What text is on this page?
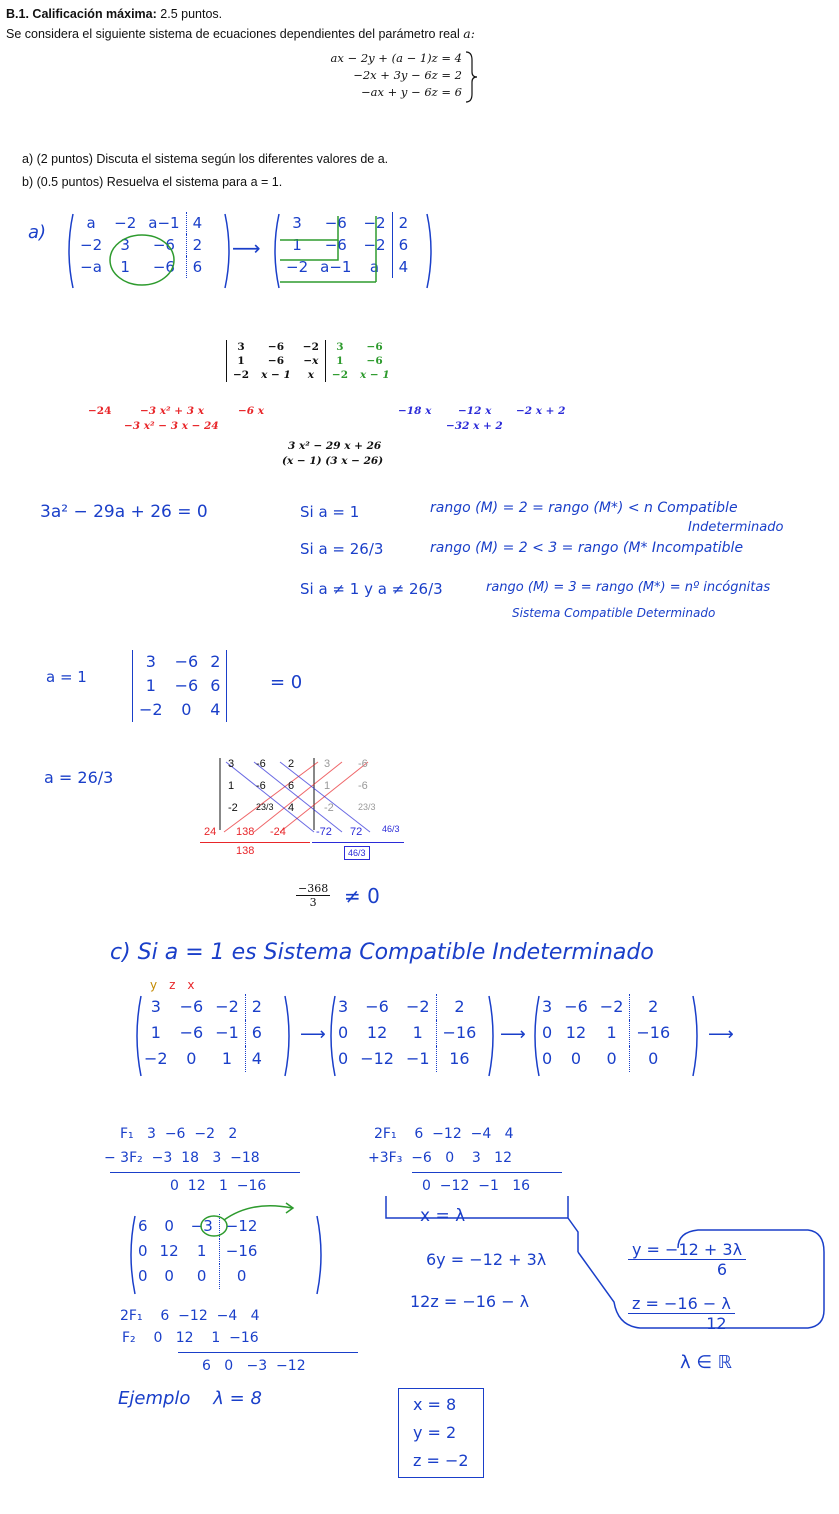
B.1. Calificación máxima: 2.5 puntos.
Se considera el siguiente sistema de ecuaciones dependientes del parámetro real a:
ax − 2y + (a − 1)z = 4
−2x + 3y − 6z = 2
−ax + y − 6z = 6
a) (2 puntos) Discuta el sistema según los diferentes valores de a.
b) (0.5 puntos) Resuelva el sistema para a = 1.
a)	a	−2	a−1	4
−2	3	−6	2
−a	1	−6	6
⟶
3	−6	−2	2
1	−6	−2	6
−2	a−1	a	4
3	−6	−2	3	−6
1	−6	−x	1	−6
−2	x − 1	x	−2	x − 1
−24	−3 x² + 3 x	−6 x
−3 x² − 3 x − 24
−18 x	−12 x −2 x + 2
−32 x + 2
3 x² − 29 x + 26
(x − 1) (3 x − 26)
3a² − 29a + 26 = 0	Si a = 1	rango (M) = 2 = rango (M*) < n Compatible
Indeterminado
Si a = 26/3	rango (M) = 2 < 3 = rango (M* Incompatible
Si a ≠ 1 y a ≠ 26/3	rango (M) = 3 = rango (M*) = nº incógnitas
Sistema Compatible Determinado
a = 1
3	−6	2
1	−6	6
−2	0	4
= 0
a = 26/3
3 -6 2	3	-6
1 -6 6	1	-6
-2 23/3 4	-2	23/3
24 138 -24
138
-72 72 46/3
46/3
−368
3	≠ 0
c) Si a = 1 es Sistema Compatible Indeterminado
yzx
3	−6	−2	2
1	−6	−1	6
−2	0	1	4
⟶
3	−6	−2	2
0	12	1	−16
0	−12	−1	16
⟶
3	−6	−2	2
0	12	1	−16
0	0	0	0
⟶
F₁   3  −6  −2   2
− 3F₂  −3  18   3  −18
0  12   1  −16
2F₁    6  −12  −4   4
+3F₃  −6   0    3   12
0  −12  −1   16
6	0	−3	−12
0	12	1	−16
0	0	0	0
2F₁    6  −12  −4   4
F₂    0   12    1  −16
6   0   −3  −12
x = λ
6y = −12 + 3λ
12z = −16 − λ
y = −12 + 3λ
6
z = −16 − λ
12
λ ∈ ℝ
Ejemplo    λ = 8	x = 8
y = 2
z = −2
